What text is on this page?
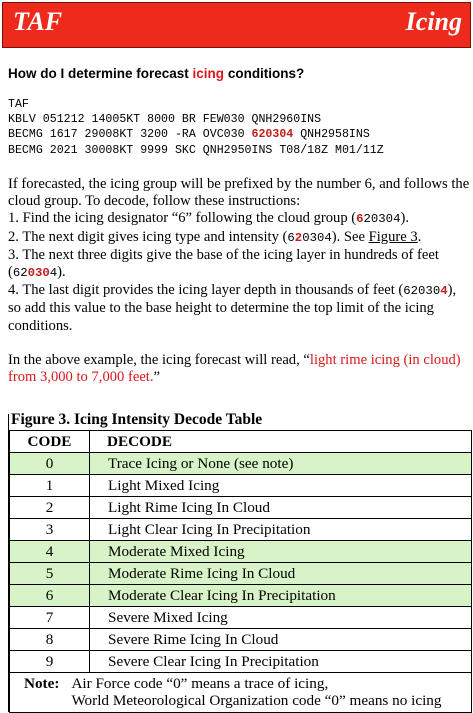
TAF	Icing
How do I determine forecast icing conditions?
TAF
KBLV 051212 14005KT 8000 BR FEW030 QNH2960INS
BECMG 1617 29008KT 3200 -RA OVC030 620304 QNH2958INS
BECMG 2021 30008KT 9999 SKC QNH2950INS T08/18Z M01/11Z
If forecasted, the icing group will be prefixed by the number 6, and follows the cloud group. To decode, follow these instructions:
1. Find the icing designator “6” following the cloud group (620304).
2. The next digit gives icing type and intensity (620304). See Figure 3.
3. The next three digits give the base of the icing layer in hundreds of feet (620304).
4. The last digit provides the icing layer depth in thousands of feet (620304), so add this value to the base height to determine the top limit of the icing conditions.
In the above example, the icing forecast will read, “light rime icing (in cloud) from 3,000 to 7,000 feet.”
Figure 3. Icing Intensity Decode Table
CODE	DECODE
0	Trace Icing or None (see note)
1	Light Mixed Icing
2	Light Rime Icing In Cloud
3	Light Clear Icing In Precipitation
4	Moderate Mixed Icing
5	Moderate Rime Icing In Cloud
6	Moderate Clear Icing In Precipitation
7	Severe Mixed Icing
8	Severe Rime Icing In Cloud
9	Severe Clear Icing In Precipitation
Note: Air Force code “0” means a trace of icing,
World Meteorological Organization code “0” means no icing	
